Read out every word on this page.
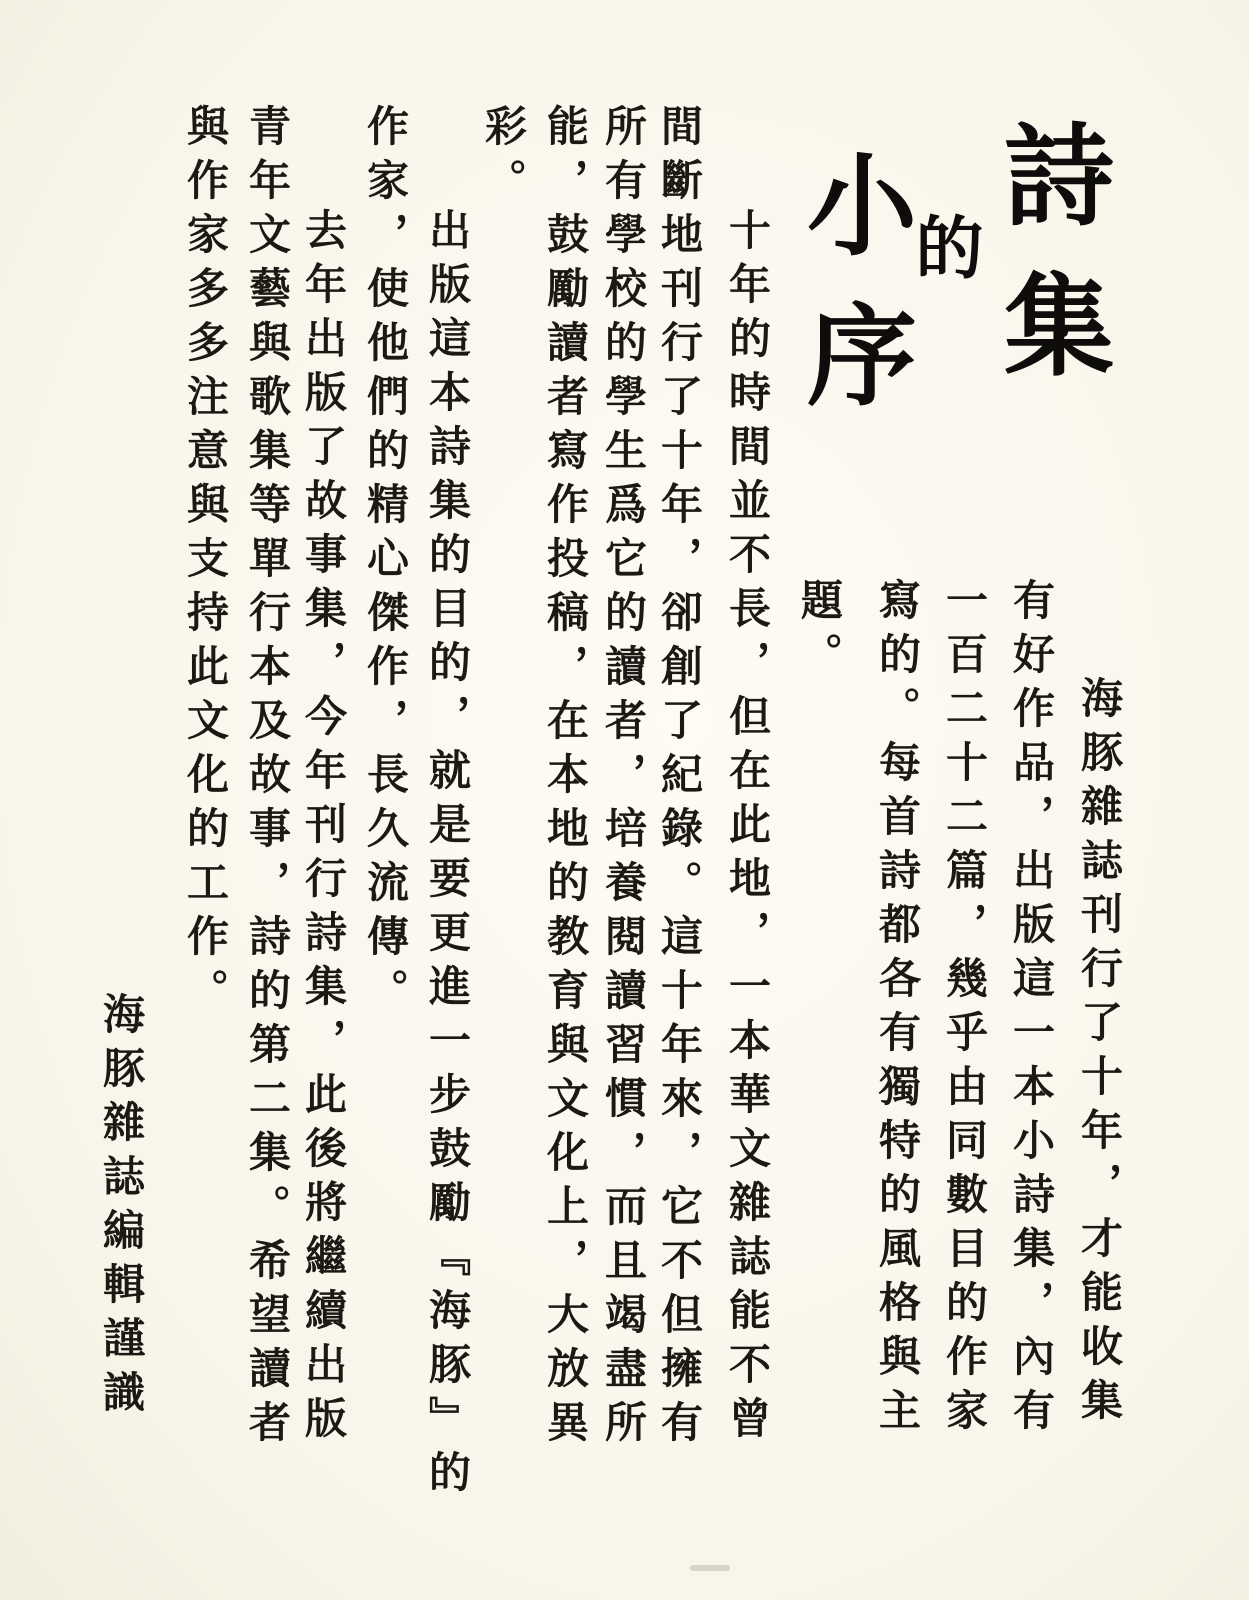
詩集
的
小序
海豚雜誌刊行了十年，才能收集
有好作品，出版這一本小詩集，內有
一百二十二篇，幾乎由同數目的作家
寫的。每首詩都各有獨特的風格與主
題。
十年的時間並不長，但在此地，一本華文雜誌能不曾
間斷地刊行了十年，卻創了紀錄。這十年來，它不但擁有
所有學校的學生爲它的讀者，培養閱讀習慣，而且竭盡所
能，鼓勵讀者寫作投稿，在本地的教育與文化上，大放異
彩。
出版這本詩集的目的，就是要更進一步鼓勵『海豚』的
作家，使他們的精心傑作，長久流傳。
去年出版了故事集，今年刊行詩集，此後將繼續出版
青年文藝與歌集等單行本及故事，詩的第二集。希望讀者
與作家多多注意與支持此文化的工作。
海豚雜誌編輯謹識
